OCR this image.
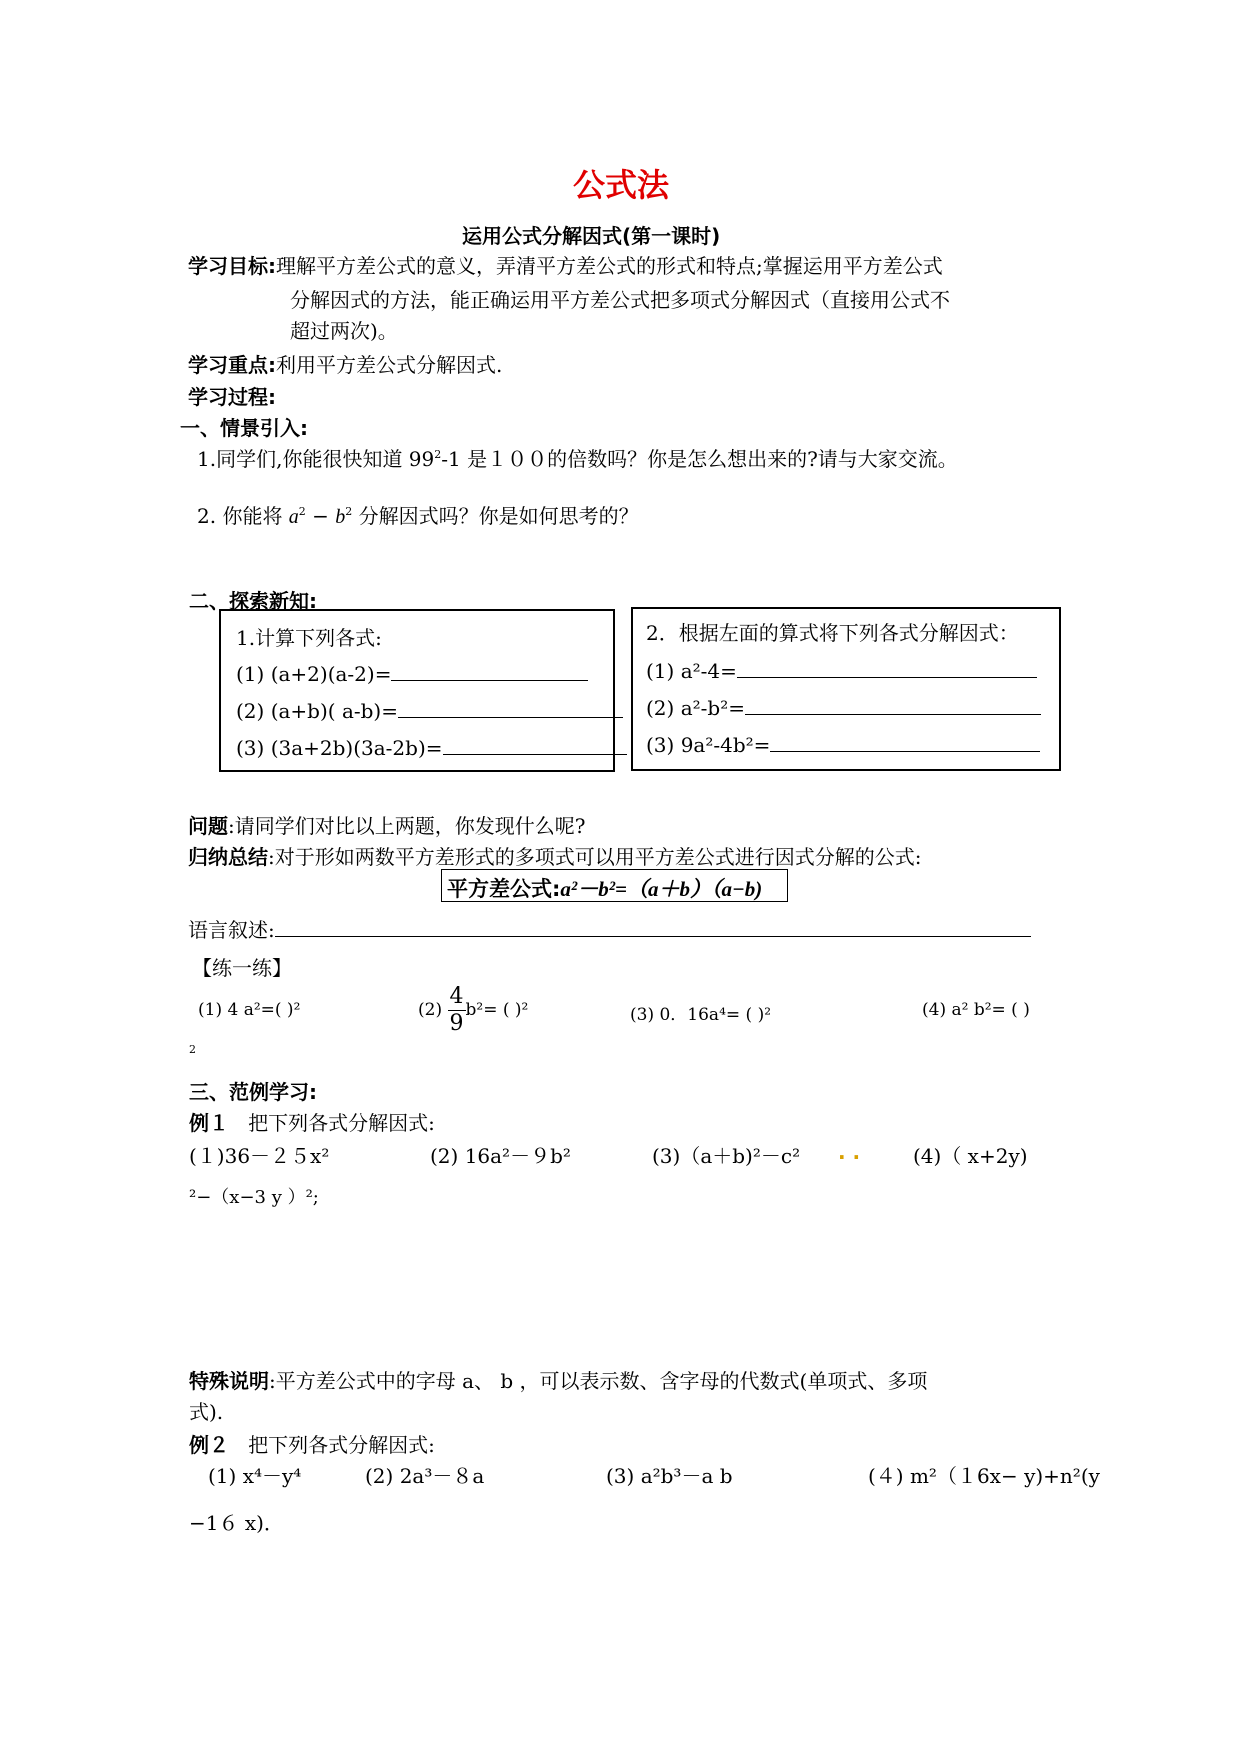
公式法
运用公式分解因式(第一课时)
学习目标:理解平方差公式的意义，弄清平方差公式的形式和特点;掌握运用平方差公式
分解因式的方法，能正确运用平方差公式把多项式分解因式（直接用公式不
超过两次)。
学习重点:利用平方差公式分解因式.
学习过程:
一、情景引入:
1.同学们,你能很快知道 $99^2-1$ 是１００的倍数吗？你是怎么想出来的?请与大家交流。
2. 你能将 $a^2 - b^2$ 分解因式吗？你是如何思考的？
二、探索新知:
1.计算下列各式:
(1) (a+2)(a-2)=
(2) (a+b)( a-b)=
(3) (3a+2b)(3a-2b)=
2．根据左面的算式将下列各式分解因式：
(1) a²-4=
(2) a²-b²=
(3) 9a²-4b²=
问题:请同学们对比以上两题，你发现什么呢?
归纳总结:对于形如两数平方差形式的多项式可以用平方差公式进行因式分解的公式:
平方差公式:a²－b²=（a＋b）（a−b)
语言叙述:
【练一练】
(1) 4 a²=( )²	$(2) \frac{4}{9} b^2=$ ( )²	(3) 0．16a⁴= ( )²	(4) a² b²= ( )
2
三、范例学习:
例１ 把下列各式分解因式:
(１)36－２５x²	(2) 16a²－９b²	(3)（a＋b)²－c² . .	(4)（ x+2y)
²−（x−3 y ）²;
特殊说明:平方差公式中的字母 a、 b ，可以表示数、含字母的代数式(单项式、多项
式).
例２ 把下列各式分解因式:
(1) x⁴－y⁴	(2) 2a³－８a	(3) a²b³－a b	(４) m²（１6x− y)+n²(y
−1６ x)．
